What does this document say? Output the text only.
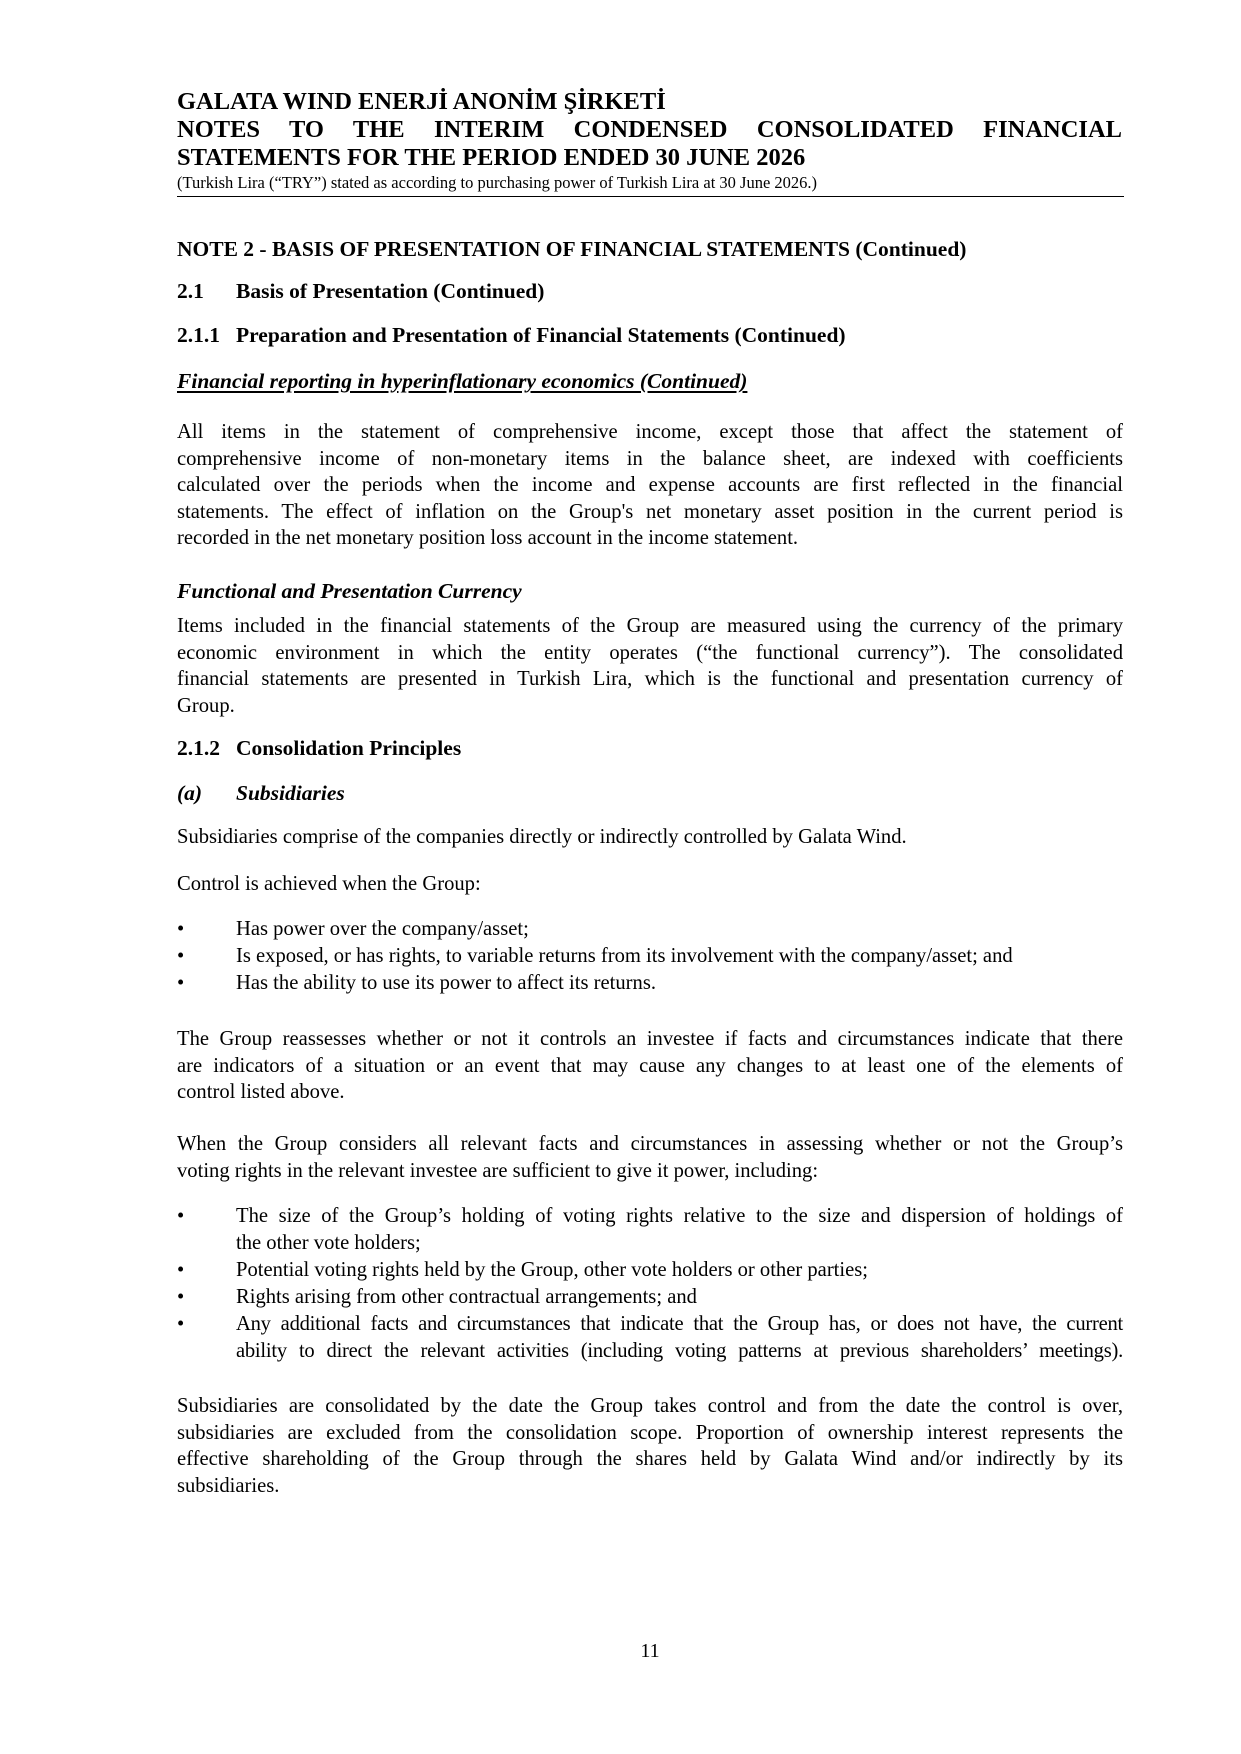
GALATA WIND ENERJİ ANONİM ŞİRKETİ
NOTES TO THE INTERIM CONDENSED CONSOLIDATED FINANCIAL
STATEMENTS FOR THE PERIOD ENDED 30 JUNE 2026
(Turkish Lira (“TRY”) stated as according to purchasing power of Turkish Lira at 30 June 2026.)
NOTE 2 - BASIS OF PRESENTATION OF FINANCIAL STATEMENTS (Continued)
2.1 Basis of Presentation (Continued)
2.1.1 Preparation and Presentation of Financial Statements (Continued)
Financial reporting in hyperinflationary economics (Continued)
All items in the statement of comprehensive income, except those that affect the statement of
comprehensive income of non-monetary items in the balance sheet, are indexed with coefficients
calculated over the periods when the income and expense accounts are first reflected in the financial
statements. The effect of inflation on the Group's net monetary asset position in the current period is
recorded in the net monetary position loss account in the income statement.
Functional and Presentation Currency
Items included in the financial statements of the Group are measured using the currency of the primary
economic environment in which the entity operates (“the functional currency”). The consolidated
financial statements are presented in Turkish Lira, which is the functional and presentation currency of
Group.
2.1.2 Consolidation Principles
(a) Subsidiaries
Subsidiaries comprise of the companies directly or indirectly controlled by Galata Wind.
Control is achieved when the Group:
•	Has power over the company/asset;
•	Is exposed, or has rights, to variable returns from its involvement with the company/asset; and
•	Has the ability to use its power to affect its returns.
The Group reassesses whether or not it controls an investee if facts and circumstances indicate that there
are indicators of a situation or an event that may cause any changes to at least one of the elements of
control listed above.
When the Group considers all relevant facts and circumstances in assessing whether or not the Group’s
voting rights in the relevant investee are sufficient to give it power, including:
•	The size of the Group’s holding of voting rights relative to the size and dispersion of holdings of
the other vote holders;
•	Potential voting rights held by the Group, other vote holders or other parties;
•	Rights arising from other contractual arrangements; and
•	Any additional facts and circumstances that indicate that the Group has, or does not have, the current
ability to direct the relevant activities (including voting patterns at previous shareholders’ meetings).
Subsidiaries are consolidated by the date the Group takes control and from the date the control is over,
subsidiaries are excluded from the consolidation scope. Proportion of ownership interest represents the
effective shareholding of the Group through the shares held by Galata Wind and/or indirectly by its
subsidiaries.
11
